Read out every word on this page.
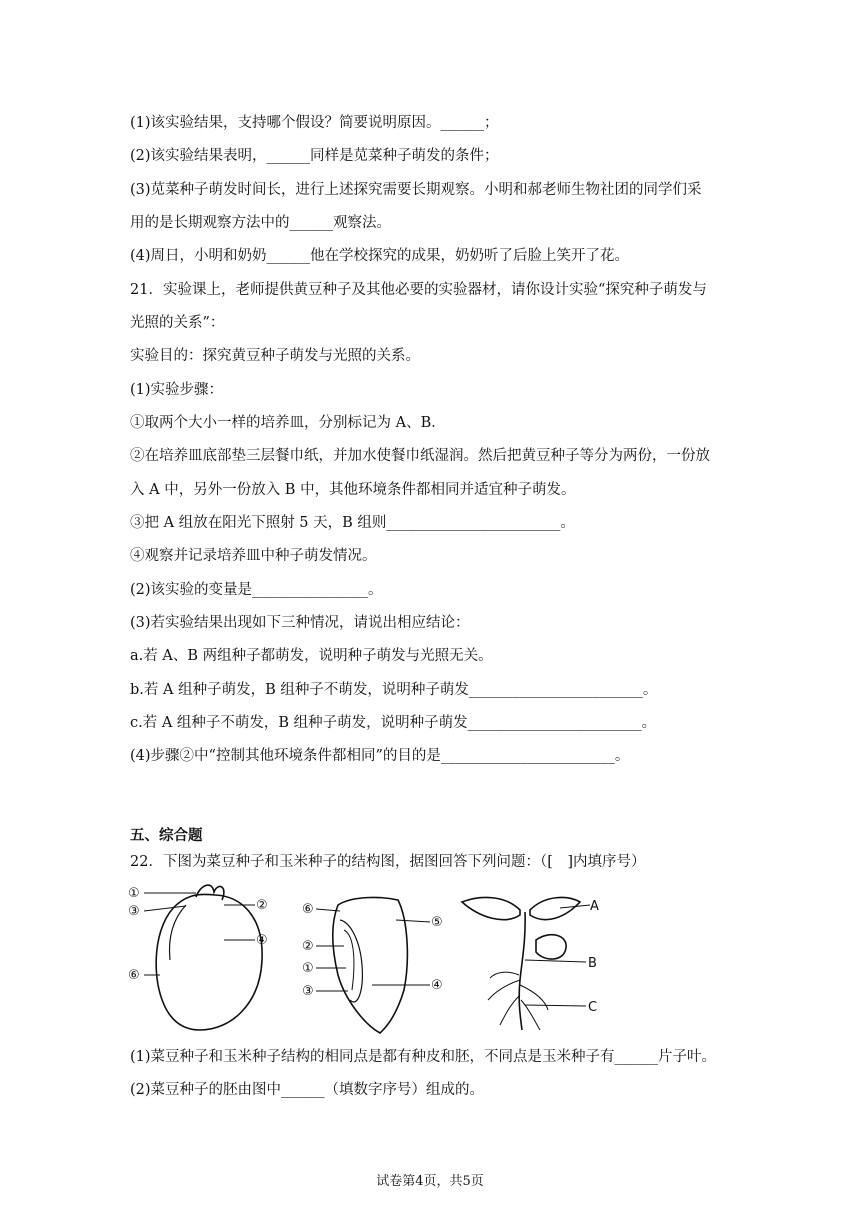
(1)该实验结果，支持哪个假设？简要说明原因。______；
(2)该实验结果表明，______同样是苋菜种子萌发的条件；
(3)苋菜种子萌发时间长，进行上述探究需要长期观察。小明和郝老师生物社团的同学们采
用的是长期观察方法中的______观察法。
(4)周日，小明和奶奶______他在学校探究的成果，奶奶听了后脸上笑开了花。
21．实验课上，老师提供黄豆种子及其他必要的实验器材，请你设计实验“探究种子萌发与
光照的关系”：
实验目的：探究黄豆种子萌发与光照的关系。
(1)实验步骤：
①取两个大小一样的培养皿，分别标记为 A、B．
②在培养皿底部垫三层餐巾纸，并加水使餐巾纸湿润。然后把黄豆种子等分为两份，一份放
入 A 中，另外一份放入 B 中，其他环境条件都相同并适宜种子萌发。
③把 A 组放在阳光下照射 5 天，B 组则________________________。
④观察并记录培养皿中种子萌发情况。
(2)该实验的变量是________________。
(3)若实验结果出现如下三种情况，请说出相应结论：
a.若 A、B 两组种子都萌发，说明种子萌发与光照无关。
b.若 A 组种子萌发，B 组种子不萌发，说明种子萌发________________________。
c.若 A 组种子不萌发，B 组种子萌发，说明种子萌发________________________。
(4)步骤②中“控制其他环境条件都相同”的目的是________________________。
五、综合题
22．下图为菜豆种子和玉米种子的结构图，据图回答下列问题：（[　]内填序号）
①
③	②
④
⑥
⑥
⑤
②
①
③	④
A
B
C
(1)菜豆种子和玉米种子结构的相同点是都有种皮和胚，不同点是玉米种子有______片子叶。
(2)菜豆种子的胚由图中______（填数字序号）组成的。
试卷第4页，共5页
